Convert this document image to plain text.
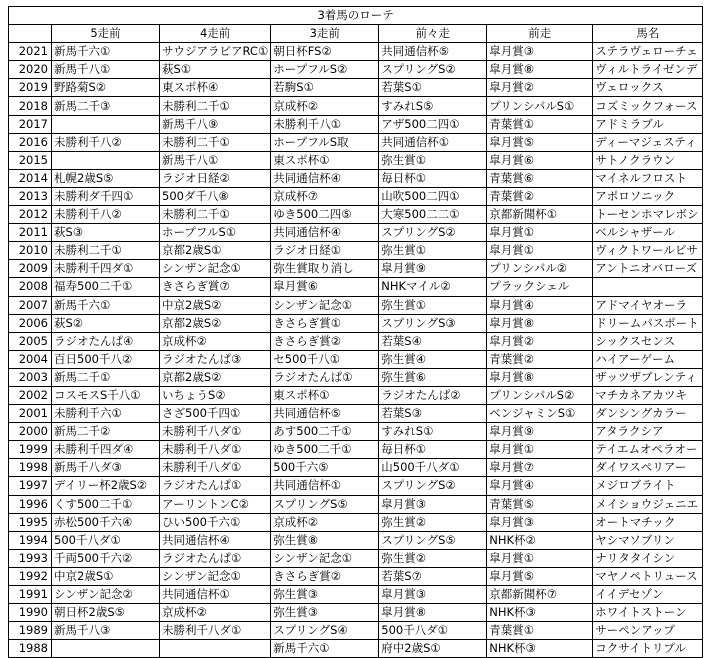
3着馬のローテ						
	5走前	4走前	3走前	前々走	前走	馬名
2021	新馬千六①	サウジアラビアRC①	朝日杯FS②	共同通信杯⑤	皐月賞③	ステラヴェローチェ
2020	新馬千八①	萩S①	ホープフルS②	スプリングS②	皐月賞⑧	ヴィルトライゼンデ
2019	野路菊S②	東スポ杯④	若駒S①	若葉S①	皐月賞②	ヴェロックス
2018	新馬二千③	未勝利二千①	京成杯②	すみれS⑤	プリンシパルS①	コズミックフォース
2017		新馬千八⑨	未勝利千八①	アザ500二四①	青葉賞①	アドミラブル
2016	未勝利千八②	未勝利二千①	ホープフルS取	共同通信杯①	皐月賞⑤	ディーマジェスティ
2015		新馬千八①	東スポ杯①	弥生賞①	皐月賞⑥	サトノクラウン
2014	札幌2歳S⑤	ラジオ日経②	共同通信杯④	毎日杯①	青葉賞⑥	マイネルフロスト
2013	未勝利ダ千四①	500ダ千八⑧	京成杯⑦	山吹500二四①	青葉賞②	アポロソニック
2012	未勝利千八②	未勝利二千①	ゆき500二四⑤	大寒500二二①	京都新聞杯①	トーセンホマレボシ
2011	萩S③	ホープフルS①	共同通信杯④	スプリングS②	皐月賞①	ベルシャザール
2010	未勝利二千①	京都2歳S①	ラジオ日経①	弥生賞①	皐月賞①	ヴィクトワールピサ
2009	未勝利千四ダ①	シンザン記念①	弥生賞取り消し	皐月賞⑨	プリンシパル②	アントニオバローズ
2008	福寿500二千①	きさらぎ賞⑦	皐月賞⑥	NHKマイル②	プラックシェル	
2007	新馬千六①	中京2歳S②	シンザン記念①	弥生賞①	皐月賞④	アドマイヤオーラ
2006	萩S②	京都2歳S②	きさらぎ賞①	スプリングS③	皐月賞⑧	ドリームパスポート
2005	ラジオたんぱ④	京成杯②	きさらぎ賞②	若葉S④	皐月賞②	シックスセンス
2004	百日500千八②	ラジオたんぱ③	セ500千八①	弥生賞④	青葉賞②	ハイアーゲーム
2003	新馬二千①	京都2歳S②	ラジオたんぱ①	弥生賞⑥	皐月賞⑧	ザッツザプレンティ
2002	コスモスS千八①	いちょうS②	東スポ杯①	ラジオたんぱ②	プリンシパルS②	マチカネアカツキ
2001	未勝利千六①	さざ500千四①	共同通信杯⑤	若葉S③	ベンジャミンS①	ダンシングカラー
2000	新馬二千②	未勝利千八ダ①	あす500二千①	すみれS①	皐月賞⑨	アタラクシア
1999	未勝利千四ダ④	未勝利千八ダ①	ゆき500二千①	毎日杯①	皐月賞①	テイエムオペラオー
1998	新馬千八ダ③	未勝利千八ダ①	500千六⑤	山500千八ダ①	皐月賞⑦	ダイワスペリアー
1997	デイリー杯2歳S②	ラジオたんぱ①	共同通信杯①	スプリングS②	皐月賞④	メジロブライト
1996	くす500二千①	アーリントンC②	スプリングS⑤	皐月賞③	青葉賞⑤	メイショウジェニエ
1995	赤松500千六④	ひい500千六①	京成杯②	弥生賞②	皐月賞③	オートマチック
1994	500千八ダ①	共同通信杯④	弥生賞⑧	スプリングS⑤	NHK杯②	ヤシマソブリン
1993	千両500千六②	ラジオたんぱ①	シンザン記念①	弥生賞②	皐月賞①	ナリタタイシン
1992	中京2歳S①	シンザン記念①	きさらぎ賞②	若葉S⑦	皐月賞⑤	マヤノペトリュース
1991	シンザン記念②	共同通信杯①	弥生賞③	皐月賞③	京都新聞杯⑦	イイデセゾン
1990	朝日杯2歳S⑤	京成杯②	弥生賞③	皐月賞⑧	NHK杯③	ホワイトストーン
1989	新馬千八③	未勝利千八ダ①	スプリングS④	500千八ダ①	青葉賞①	サーペンアップ
1988			新馬千六①	府中2歳S①	NHK杯③	コクサイトリプル
